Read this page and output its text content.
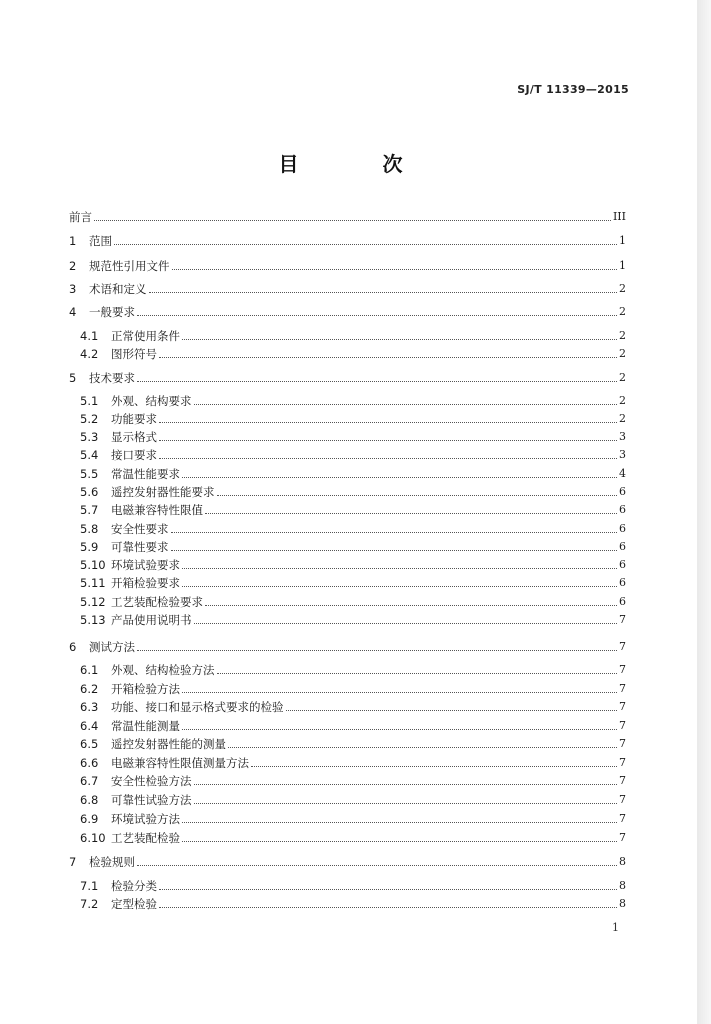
SJ/T 11339—2015
目　次
前言	III
1	范围	1
2	规范性引用文件	1
3	术语和定义	2
4	一般要求	2
4.1	正常使用条件	2
4.2	图形符号	2
5	技术要求	2
5.1	外观、结构要求	2
5.2	功能要求	2
5.3	显示格式	3
5.4	接口要求	3
5.5	常温性能要求	4
5.6	遥控发射器性能要求	6
5.7	电磁兼容特性限值	6
5.8	安全性要求	6
5.9	可靠性要求	6
5.10 环境试验要求	6
5.11 开箱检验要求	6
5.12 工艺装配检验要求	6
5.13 产品使用说明书	7
6	测试方法	7
6.1	外观、结构检验方法	7
6.2	开箱检验方法	7
6.3	功能、接口和显示格式要求的检验	7
6.4	常温性能测量	7
6.5	遥控发射器性能的测量	7
6.6	电磁兼容特性限值测量方法	7
6.7	安全性检验方法	7
6.8	可靠性试验方法	7
6.9	环境试验方法	7
6.10 工艺装配检验	7
7	检验规则	8
7.1	检验分类	8
7.2	定型检验	8
1
